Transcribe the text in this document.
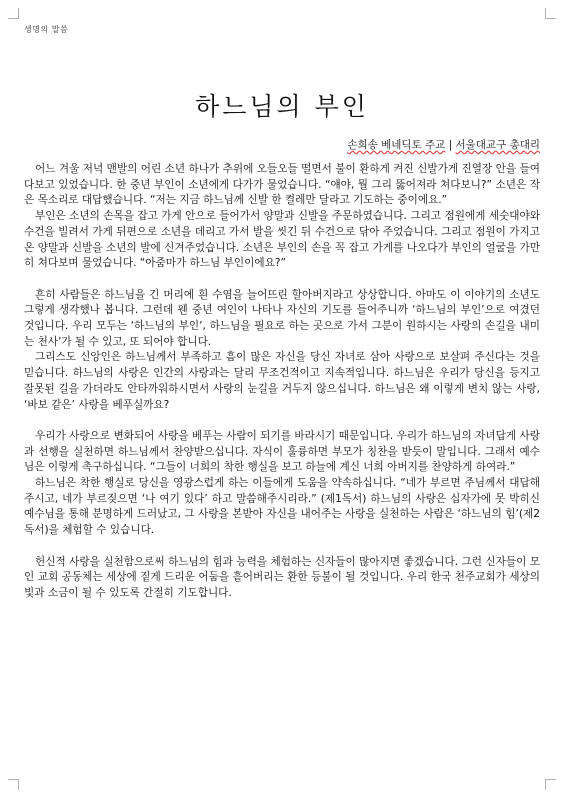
생명의 말씀
하느님의 부인
손희송 베네딕토 주교 | 서울대교구 총대리

어느 겨울 저녁 맨발의 어린 소년 하나가 추위에 오들오들 떨면서 불이 환하게 켜진 신발가게 진열장 안을 들여다보고 있었습니다. 한 중년 부인이 소년에게 다가가 물었습니다. “얘야, 뭘 그리 뚫어져라 쳐다보니?” 소년은 작은 목소리로 대답했습니다. “저는 지금 하느님께 신발 한 켤레만 달라고 기도하는 중이에요.”

부인은 소년의 손목을 잡고 가게 안으로 들어가서 양말과 신발을 주문하였습니다. 그리고 점원에게 세숫대야와 수건을 빌려서 가게 뒤편으로 소년을 데리고 가서 발을 씻긴 뒤 수건으로 닦아 주었습니다. 그리고 점원이 가지고 온 양말과 신발을 소년의 발에 신겨주었습니다. 소년은 부인의 손을 꼭 잡고 가게를 나오다가 부인의 얼굴을 가만히 쳐다보며 물었습니다. “아줌마가 하느님 부인이에요?”

흔히 사람들은 하느님을 긴 머리에 흰 수염을 늘어뜨린 할아버지라고 상상합니다. 아마도 이 이야기의 소년도 그렇게 생각했나 봅니다. 그런데 웬 중년 여인이 나타나 자신의 기도를 들어주니까 ‘하느님의 부인’으로 여겼던 것입니다. 우리 모두는 ‘하느님의 부인’, 하느님을 필요로 하는 곳으로 가서 그분이 원하시는 사랑의 손길을 내미는 천사’가 될 수 있고, 또 되어야 합니다.

그리스도 신앙인은 하느님께서 부족하고 흠이 많은 자신을 당신 자녀로 삼아 사랑으로 보살펴 주신다는 것을 믿습니다. 하느님의 사랑은 인간의 사랑과는 달리 무조건적이고 지속적입니다. 하느님은 우리가 당신을 등지고 잘못된 길을 가더라도 안타까워하시면서 사랑의 눈길을 거두지 않으십니다. 하느님은 왜 이렇게 변치 않는 사랑, ‘바보 같은’ 사랑을 베푸실까요?

우리가 사랑으로 변화되어 사랑을 베푸는 사람이 되기를 바라시기 때문입니다. 우리가 하느님의 자녀답게 사랑과 선행을 실천하면 하느님께서 찬양받으십니다. 자식이 훌륭하면 부모가 칭찬을 받듯이 말입니다. 그래서 예수님은 이렇게 촉구하십니다. “그들이 너희의 착한 행실을 보고 하늘에 계신 너희 아버지를 찬양하게 하여라.”

하느님은 착한 행실로 당신을 영광스럽게 하는 이들에게 도움을 약속하십니다. “네가 부르면 주님께서 대답해 주시고, 네가 부르짖으면 ‘나 여기 있다’ 하고 말씀해주시리라.” (제1독서) 하느님의 사랑은 십자가에 못 박히신 예수님을 통해 분명하게 드러났고, 그 사랑을 본받아 자신을 내어주는 사랑을 실천하는 사람은 ‘하느님의 힘’(제2독서)을 체험할 수 있습니다.

헌신적 사랑을 실천함으로써 하느님의 힘과 능력을 체험하는 신자들이 많아지면 좋겠습니다. 그런 신자들이 모인 교회 공동체는 세상에 짙게 드리운 어둠을 흩어버리는 환한 등불이 될 것입니다. 우리 한국 천주교회가 세상의 빛과 소금이 될 수 있도록 간절히 기도합니다.
